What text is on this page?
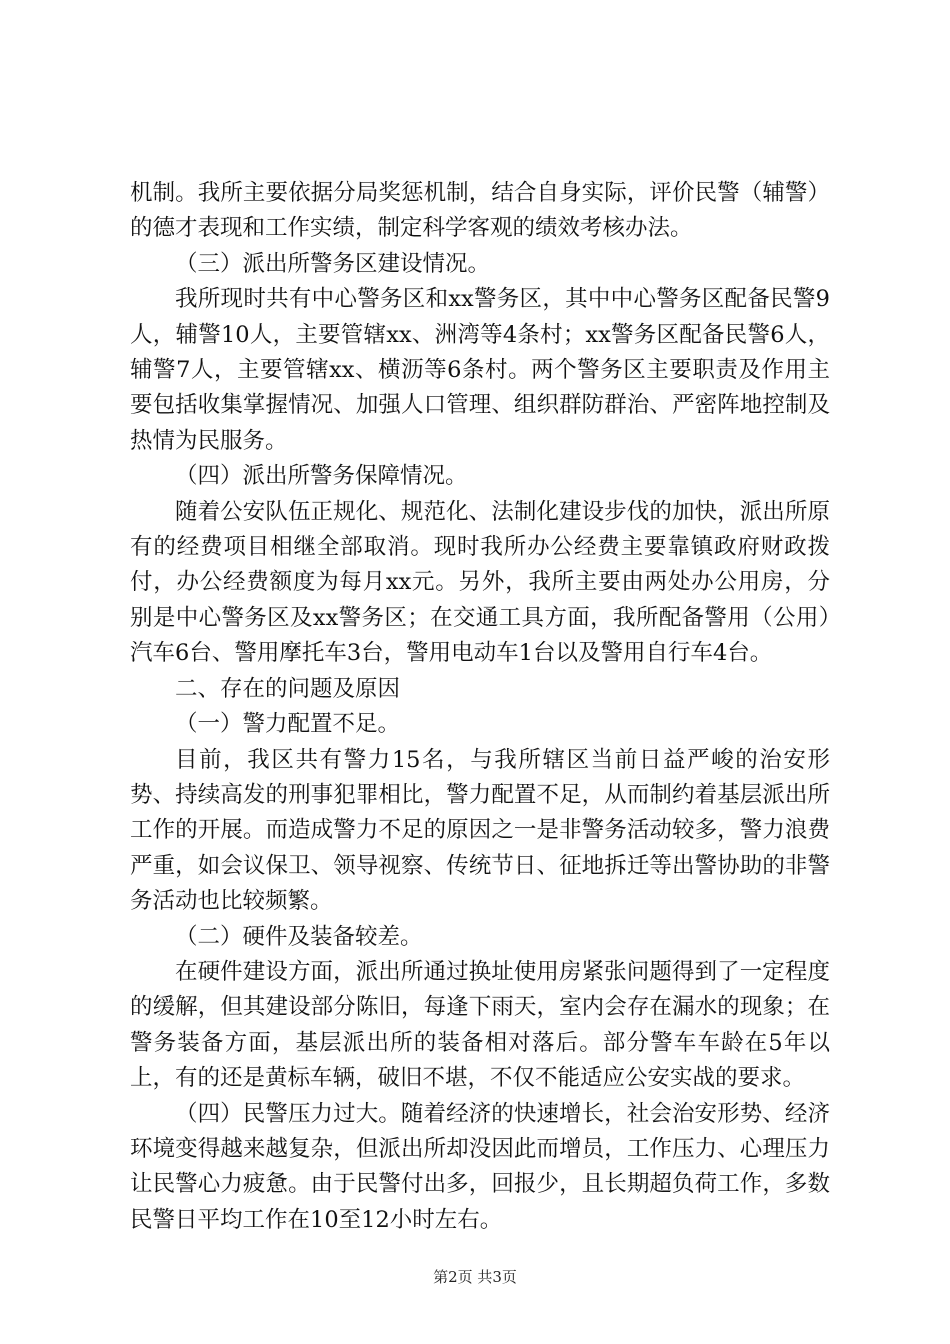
机制。我所主要依据分局奖惩机制，结合自身实际，评价民警（辅警）的德才表现和工作实绩，制定科学客观的绩效考核办法。

（三）派出所警务区建设情况。

我所现时共有中心警务区和xx警务区，其中中心警务区配备民警9人，辅警10人，主要管辖xx、洲湾等4条村；xx警务区配备民警6人，辅警7人，主要管辖xx、横沥等6条村。两个警务区主要职责及作用主要包括收集掌握情况、加强人口管理、组织群防群治、严密阵地控制及热情为民服务。

（四）派出所警务保障情况。

随着公安队伍正规化、规范化、法制化建设步伐的加快，派出所原有的经费项目相继全部取消。现时我所办公经费主要靠镇政府财政拨付，办公经费额度为每月xx元。另外，我所主要由两处办公用房，分别是中心警务区及xx警务区；在交通工具方面，我所配备警用（公用）汽车6台、警用摩托车3台，警用电动车1台以及警用自行车4台。

二、存在的问题及原因

（一）警力配置不足。

目前，我区共有警力15名，与我所辖区当前日益严峻的治安形势、持续高发的刑事犯罪相比，警力配置不足，从而制约着基层派出所工作的开展。而造成警力不足的原因之一是非警务活动较多，警力浪费严重，如会议保卫、领导视察、传统节日、征地拆迁等出警协助的非警务活动也比较频繁。

（二）硬件及装备较差。

在硬件建设方面，派出所通过换址使用房紧张问题得到了一定程度的缓解，但其建设部分陈旧，每逢下雨天，室内会存在漏水的现象；在警务装备方面，基层派出所的装备相对落后。部分警车车龄在5年以上，有的还是黄标车辆，破旧不堪，不仅不能适应公安实战的要求。

（四）民警压力过大。随着经济的快速增长，社会治安形势、经济环境变得越来越复杂，但派出所却没因此而增员，工作压力、心理压力让民警心力疲惫。由于民警付出多，回报少，且长期超负荷工作，多数民警日平均工作在10至12小时左右。

第2页 共3页
